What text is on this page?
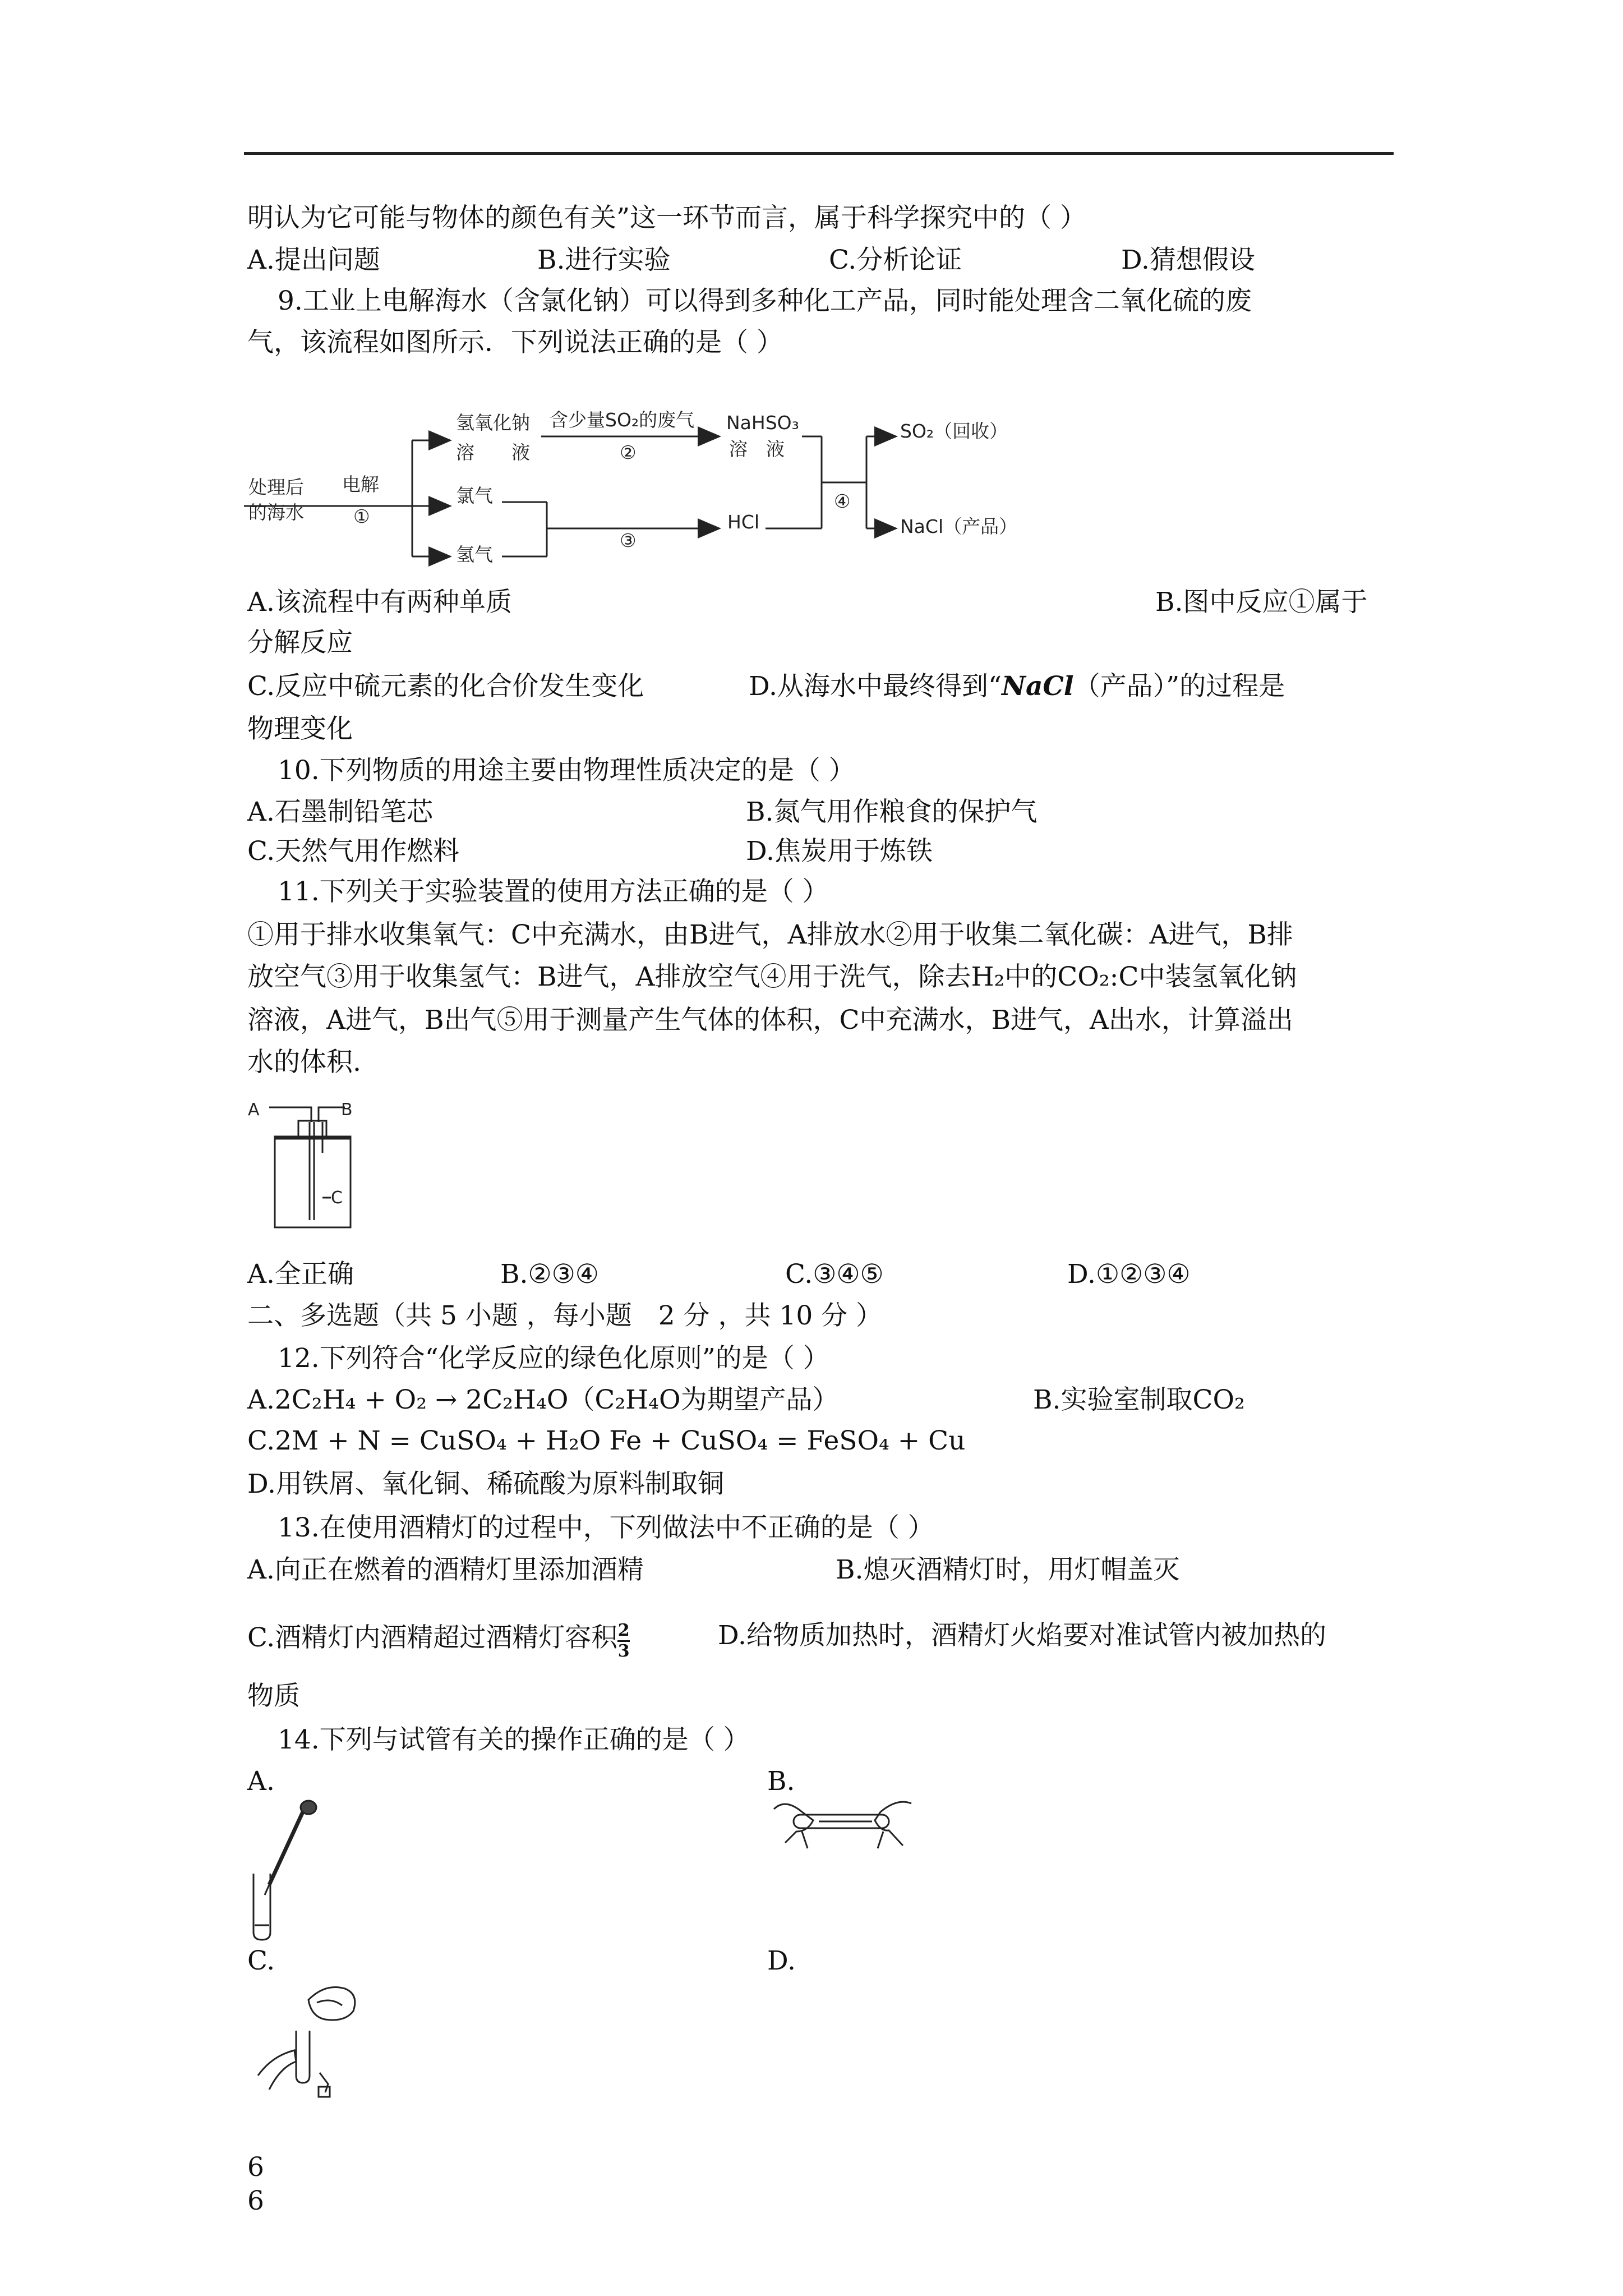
明认为它可能与物体的颜色有关”这一环节而言，属于科学探究中的（ ）
A.提出问题	B.进行实验	C.分析论证	D.猜想假设
9.工业上电解海水（含氯化钠）可以得到多种化工产品，同时能处理含二氧化硫的废
气，该流程如图所示．下列说法正确的是（ ）
处理后
的海水
电解
①
氢氧化钠
溶　　液
含少量SO₂的废气
②
NaHSO₃
溶　液
氯气
氢气
③
HCl
④
SO₂（回收）
NaCl（产品）
A.该流程中有两种单质	B.图中反应①属于
分解反应
C.反应中硫元素的化合价发生变化	D.从海水中最终得到“NaCl（产品）”的过程是
物理变化
10.下列物质的用途主要由物理性质决定的是（ ）
A.石墨制铅笔芯	B.氮气用作粮食的保护气
C.天然气用作燃料	D.焦炭用于炼铁
11.下列关于实验装置的使用方法正确的是（ ）
①用于排水收集氧气：C中充满水，由B进气，A排放水②用于收集二氧化碳：A进气，B排
放空气③用于收集氢气：B进气，A排放空气④用于洗气，除去H₂中的CO₂:C中装氢氧化钠
溶液，A进气，B出气⑤用于测量产生气体的体积，C中充满水，B进气，A出水，计算溢出
水的体积.
A	B
C
A.全正确	B.②③④	C.③④⑤	D.①②③④
二、多选题（共 5 小题 ，每小题　2 分 ，共 10 分 ）
12.下列符合“化学反应的绿色化原则”的是（ ）
A.2C₂H₄ + O₂ → 2C₂H₄O（C₂H₄O为期望产品）	B.实验室制取CO₂
C.2M + N = CuSO₄ + H₂O Fe + CuSO₄ = FeSO₄ + Cu
D.用铁屑、氧化铜、稀硫酸为原料制取铜
13.在使用酒精灯的过程中，下列做法中不正确的是（ ）
A.向正在燃着的酒精灯里添加酒精	B.熄灭酒精灯时，用灯帽盖灭
C.酒精灯内酒精超过酒精灯容积 $\frac{2}{3}$	D.给物质加热时，酒精灯火焰要对准试管内被加热的
物质
14.下列与试管有关的操作正确的是（ ）
A.	B.
C.	D.
6
6
